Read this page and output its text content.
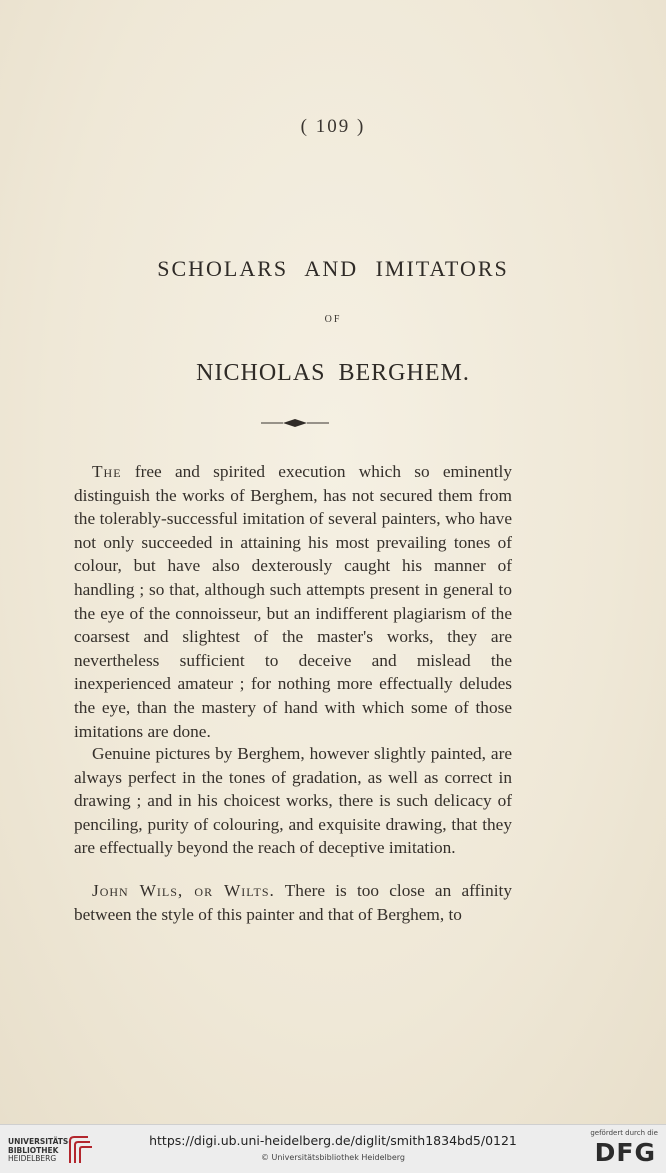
( 109 )
SCHOLARS AND IMITATORS
OF
NICHOLAS BERGHEM.
The free and spirited execution which so eminently distinguish the works of Berghem, has not secured them from the tolerably-successful imitation of several painters, who have not only succeeded in attaining his most prevailing tones of colour, but have also dexterously caught his manner of handling ; so that, although such attempts present in general to the eye of the connoisseur, but an indifferent plagiarism of the coarsest and slightest of the master's works, they are nevertheless sufficient to deceive and mislead the inexperienced amateur ; for nothing more effectually deludes the eye, than the mastery of hand with which some of those imitations are done.
Genuine pictures by Berghem, however slightly painted, are always perfect in the tones of gradation, as well as correct in drawing ; and in his choicest works, there is such delicacy of penciling, purity of colouring, and exquisite drawing, that they are effectually beyond the reach of deceptive imitation.
John Wils, or Wilts. There is too close an affinity between the style of this painter and that of Berghem, to
UNIVERSITÄTS-
BIBLIOTHEK
HEIDELBERG
https://digi.ub.uni-heidelberg.de/diglit/smith1834bd5/0121
© Universitätsbibliothek Heidelberg
gefördert durch die
DFG
